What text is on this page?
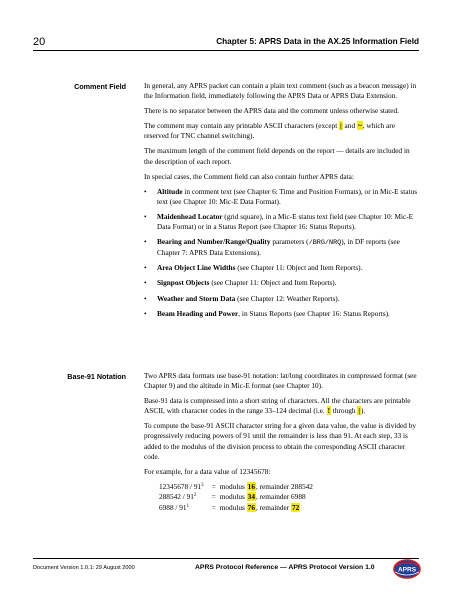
20	Chapter 5: APRS Data in the AX.25 Information Field
Comment Field In general, any APRS packet can contain a plain text comment (such as a beacon message) in the Information field, immediately following the APRS Data or APRS Data Extension.

There is no separator between the APRS data and the comment unless otherwise stated.

The comment may contain any printable ASCII characters (except | and ~, which are reserved for TNC channel switching).

The maximum length of the comment field depends on the report — details are included in the description of each report.

In special cases, the Comment field can also contain further APRS data:

• Altitude in comment text (see Chapter 6: Time and Position Formats), or in Mic-E status text (see Chapter 10: Mic-E Data Format).
• Maidenhead Locator (grid square), in a Mic-E status text field (see Chapter 10: Mic-E Data Format) or in a Status Report (see Chapter 16: Status Reports).
• Bearing and Number/Range/Quality parameters (/BRG/NRQ), in DF reports (see Chapter 7: APRS Data Extensions).
• Area Object Line Widths (see Chapter 11: Object and Item Reports).
• Signpost Objects (see Chapter 11: Object and Item Reports).
• Weather and Storm Data (see Chapter 12: Weather Reports).
• Beam Heading and Power, in Status Reports (see Chapter 16: Status Reports).
Base-91 Notation Two APRS data formats use base-91 notation: lat/long coordinates in compressed format (see Chapter 9) and the altitude in Mic-E format (see Chapter 10).

Base-91 data is compressed into a short string of characters. All the characters are printable ASCII, with character codes in the range 33–124 decimal (i.e. ! through |).

To compute the base-91 ASCII character string for a given data value, the value is divided by progressively reducing powers of 91 until the remainder is less than 91. At each step, 33 is added to the modulus of the division process to obtain the corresponding ASCII character code.

For example, for a data value of 12345678:

$12345678 / 91^3$	=	modulus 16, remainder 288542
$288542 / 91^2$	=	modulus 34, remainder 6988
$6988 / 91^1$	=	modulus 76, remainder 72
Document Version 1.0.1: 29 August 2000	APRS Protocol Reference — APRS Protocol Version 1.0	APRS
